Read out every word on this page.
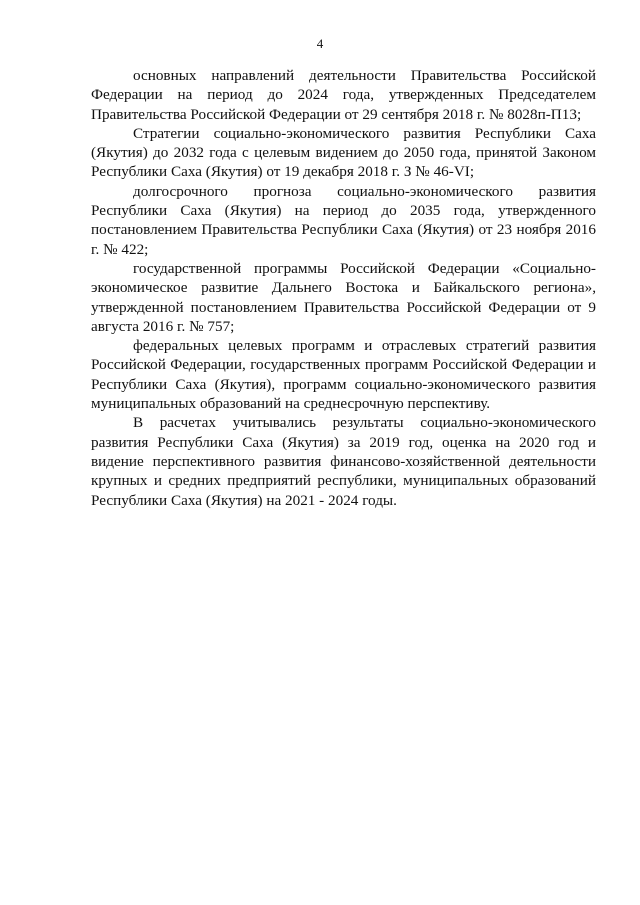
4

основных направлений деятельности Правительства Российской Федерации на период до 2024 года, утвержденных Председателем Правительства Российской Федерации от 29 сентября 2018 г. № 8028п-П13;

Стратегии социально-экономического развития Республики Саха (Якутия) до 2032 года с целевым видением до 2050 года, принятой Законом Республики Саха (Якутия) от 19 декабря 2018 г. З № 46-VI;

долгосрочного прогноза социально-экономического развития Республики Саха (Якутия) на период до 2035 года, утвержденного постановлением Правительства Республики Саха (Якутия) от 23 ноября 2016 г. № 422;

государственной программы Российской Федерации «Социально-экономическое развитие Дальнего Востока и Байкальского региона», утвержденной постановлением Правительства Российской Федерации от 9 августа 2016 г. № 757;

федеральных целевых программ и отраслевых стратегий развития Российской Федерации, государственных программ Российской Федерации и Республики Саха (Якутия), программ социально-экономического развития муниципальных образований на среднесрочную перспективу.

В расчетах учитывались результаты социально-экономического развития Республики Саха (Якутия) за 2019 год, оценка на 2020 год и видение перспективного развития финансово-хозяйственной деятельности крупных и средних предприятий республики, муниципальных образований Республики Саха (Якутия) на 2021 - 2024 годы.
